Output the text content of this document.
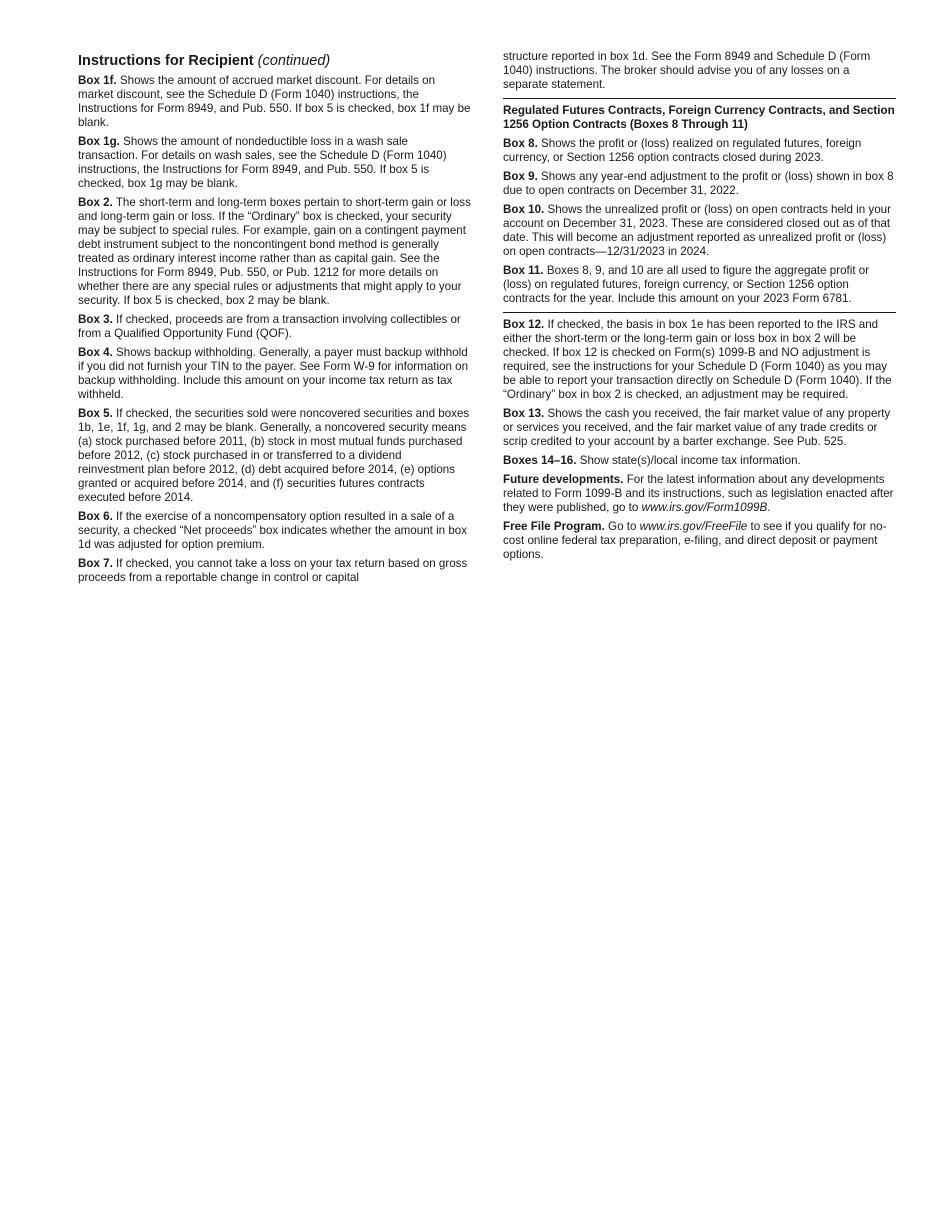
Instructions for Recipient (continued)

Box 1f. Shows the amount of accrued market discount. For details on market discount, see the Schedule D (Form 1040) instructions, the Instructions for Form 8949, and Pub. 550. If box 5 is checked, box 1f may be blank.

Box 1g. Shows the amount of nondeductible loss in a wash sale transaction. For details on wash sales, see the Schedule D (Form 1040) instructions, the Instructions for Form 8949, and Pub. 550. If box 5 is checked, box 1g may be blank.

Box 2. The short-term and long-term boxes pertain to short-term gain or loss and long-term gain or loss. If the “Ordinary” box is checked, your security may be subject to special rules. For example, gain on a contingent payment debt instrument subject to the noncontingent bond method is generally treated as ordinary interest income rather than as capital gain. See the Instructions for Form 8949, Pub. 550, or Pub. 1212 for more details on whether there are any special rules or adjustments that might apply to your security. If box 5 is checked, box 2 may be blank.

Box 3. If checked, proceeds are from a transaction involving collectibles or from a Qualified Opportunity Fund (QOF).

Box 4. Shows backup withholding. Generally, a payer must backup withhold if you did not furnish your TIN to the payer. See Form W-9 for information on backup withholding. Include this amount on your income tax return as tax withheld.

Box 5. If checked, the securities sold were noncovered securities and boxes 1b, 1e, 1f, 1g, and 2 may be blank. Generally, a noncovered security means (a) stock purchased before 2011, (b) stock in most mutual funds purchased before 2012, (c) stock purchased in or transferred to a dividend reinvestment plan before 2012, (d) debt acquired before 2014, (e) options granted or acquired before 2014, and (f) securities futures contracts executed before 2014.

Box 6. If the exercise of a noncompensatory option resulted in a sale of a security, a checked “Net proceeds” box indicates whether the amount in box 1d was adjusted for option premium.

Box 7. If checked, you cannot take a loss on your tax return based on gross proceeds from a reportable change in control or capital

structure reported in box 1d. See the Form 8949 and Schedule D (Form 1040) instructions. The broker should advise you of any losses on a separate statement.

Regulated Futures Contracts, Foreign Currency Contracts, and Section 1256 Option Contracts (Boxes 8 Through 11)

Box 8. Shows the profit or (loss) realized on regulated futures, foreign currency, or Section 1256 option contracts closed during 2023.

Box 9. Shows any year-end adjustment to the profit or (loss) shown in box 8 due to open contracts on December 31, 2022.

Box 10. Shows the unrealized profit or (loss) on open contracts held in your account on December 31, 2023. These are considered closed out as of that date. This will become an adjustment reported as unrealized profit or (loss) on open contracts—12/31/2023 in 2024.

Box 11. Boxes 8, 9, and 10 are all used to figure the aggregate profit or (loss) on regulated futures, foreign currency, or Section 1256 option contracts for the year. Include this amount on your 2023 Form 6781.

Box 12. If checked, the basis in box 1e has been reported to the IRS and either the short-term or the long-term gain or loss box in box 2 will be checked. If box 12 is checked on Form(s) 1099-B and NO adjustment is required, see the instructions for your Schedule D (Form 1040) as you may be able to report your transaction directly on Schedule D (Form 1040). If the “Ordinary” box in box 2 is checked, an adjustment may be required.

Box 13. Shows the cash you received, the fair market value of any property or services you received, and the fair market value of any trade credits or scrip credited to your account by a barter exchange. See Pub. 525.

Boxes 14–16. Show state(s)/local income tax information.

Future developments. For the latest information about any developments related to Form 1099-B and its instructions, such as legislation enacted after they were published, go to www.irs.gov/Form1099B.

Free File Program. Go to www.irs.gov/FreeFile to see if you qualify for no-cost online federal tax preparation, e-filing, and direct deposit or payment options.
